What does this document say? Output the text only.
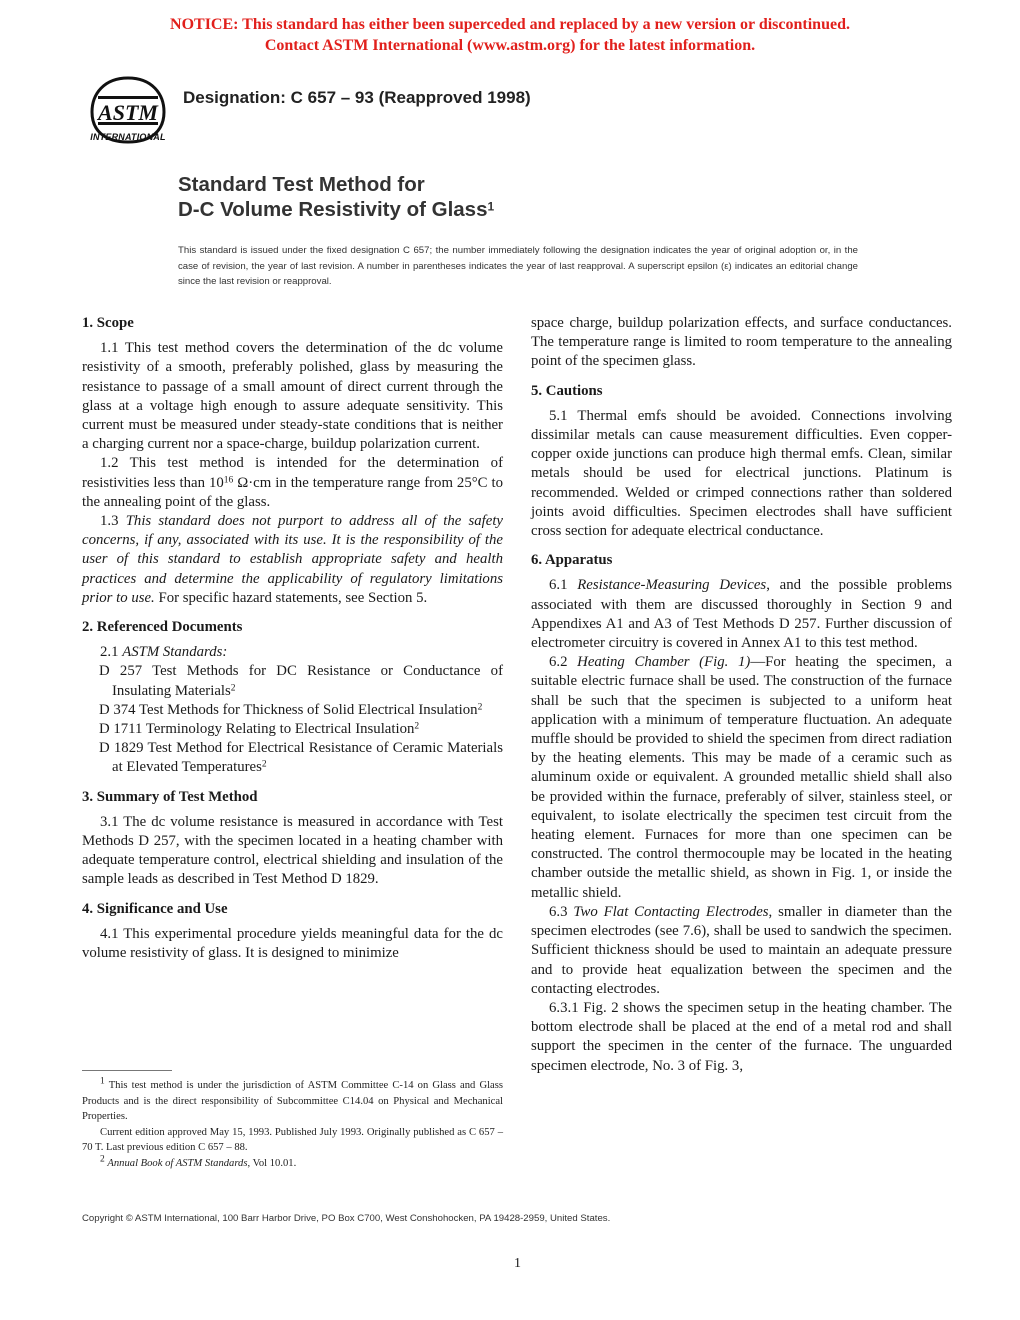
NOTICE: This standard has either been superceded and replaced by a new version or discontinued.
Contact ASTM International (www.astm.org) for the latest information.
ASTM
INTERNATIONAL
Designation: C 657 – 93 (Reapproved 1998)
Standard Test Method for
D-C Volume Resistivity of Glass$^1$
This standard is issued under the fixed designation C 657; the number immediately following the designation indicates the year of original adoption or, in the case of revision, the year of last revision. A number in parentheses indicates the year of last reapproval. A superscript epsilon (ε) indicates an editorial change since the last revision or reapproval.

1. Scope

1.1 This test method covers the determination of the dc volume resistivity of a smooth, preferably polished, glass by measuring the resistance to passage of a small amount of direct current through the glass at a voltage high enough to assure adequate sensitivity. This current must be measured under steady-state conditions that is neither a charging current nor a space-charge, buildup polarization current.

1.2 This test method is intended for the determination of resistivities less than $10^{16}$ Ω·cm in the temperature range from 25°C to the annealing point of the glass.

1.3 This standard does not purport to address all of the safety concerns, if any, associated with its use. It is the responsibility of the user of this standard to establish appropriate safety and health practices and determine the applicability of regulatory limitations prior to use. For specific hazard statements, see Section 5.

2. Referenced Documents

2.1 ASTM Standards:

D 257 Test Methods for DC Resistance or Conductance of Insulating Materials$^2$

D 374 Test Methods for Thickness of Solid Electrical Insulation$^2$

D 1711 Terminology Relating to Electrical Insulation$^2$

D 1829 Test Method for Electrical Resistance of Ceramic Materials at Elevated Temperatures$^2$

3. Summary of Test Method

3.1 The dc volume resistance is measured in accordance with Test Methods D 257, with the specimen located in a heating chamber with adequate temperature control, electrical shielding and insulation of the sample leads as described in Test Method D 1829.

4. Significance and Use

4.1 This experimental procedure yields meaningful data for the dc volume resistivity of glass. It is designed to minimize

$^1$ This test method is under the jurisdiction of ASTM Committee C-14 on Glass and Glass Products and is the direct responsibility of Subcommittee C14.04 on Physical and Mechanical Properties.

Current edition approved May 15, 1993. Published July 1993. Originally published as C 657 – 70 T. Last previous edition C 657 – 88.

$^2$ Annual Book of ASTM Standards, Vol 10.01.

space charge, buildup polarization effects, and surface conductances. The temperature range is limited to room temperature to the annealing point of the specimen glass.

5. Cautions

5.1 Thermal emfs should be avoided. Connections involving dissimilar metals can cause measurement difficulties. Even copper-copper oxide junctions can produce high thermal emfs. Clean, similar metals should be used for electrical junctions. Platinum is recommended. Welded or crimped connections rather than soldered joints avoid difficulties. Specimen electrodes shall have sufficient cross section for adequate electrical conductance.

6. Apparatus

6.1 Resistance-Measuring Devices, and the possible problems associated with them are discussed thoroughly in Section 9 and Appendixes A1 and A3 of Test Methods D 257. Further discussion of electrometer circuitry is covered in Annex A1 to this test method.

6.2 Heating Chamber (Fig. 1)—For heating the specimen, a suitable electric furnace shall be used. The construction of the furnace shall be such that the specimen is subjected to a uniform heat application with a minimum of temperature fluctuation. An adequate muffle should be provided to shield the specimen from direct radiation by the heating elements. This may be made of a ceramic such as aluminum oxide or equivalent. A grounded metallic shield shall also be provided within the furnace, preferably of silver, stainless steel, or equivalent, to isolate electrically the specimen test circuit from the heating element. Furnaces for more than one specimen can be constructed. The control thermocouple may be located in the heating chamber outside the metallic shield, as shown in Fig. 1, or inside the metallic shield.

6.3 Two Flat Contacting Electrodes, smaller in diameter than the specimen electrodes (see 7.6), shall be used to sandwich the specimen. Sufficient thickness should be used to maintain an adequate pressure and to provide heat equalization between the specimen and the contacting electrodes.

6.3.1 Fig. 2 shows the specimen setup in the heating chamber. The bottom electrode shall be placed at the end of a metal rod and shall support the specimen in the center of the furnace. The unguarded specimen electrode, No. 3 of Fig. 3,

Copyright © ASTM International, 100 Barr Harbor Drive, PO Box C700, West Conshohocken, PA 19428-2959, United States.
1
